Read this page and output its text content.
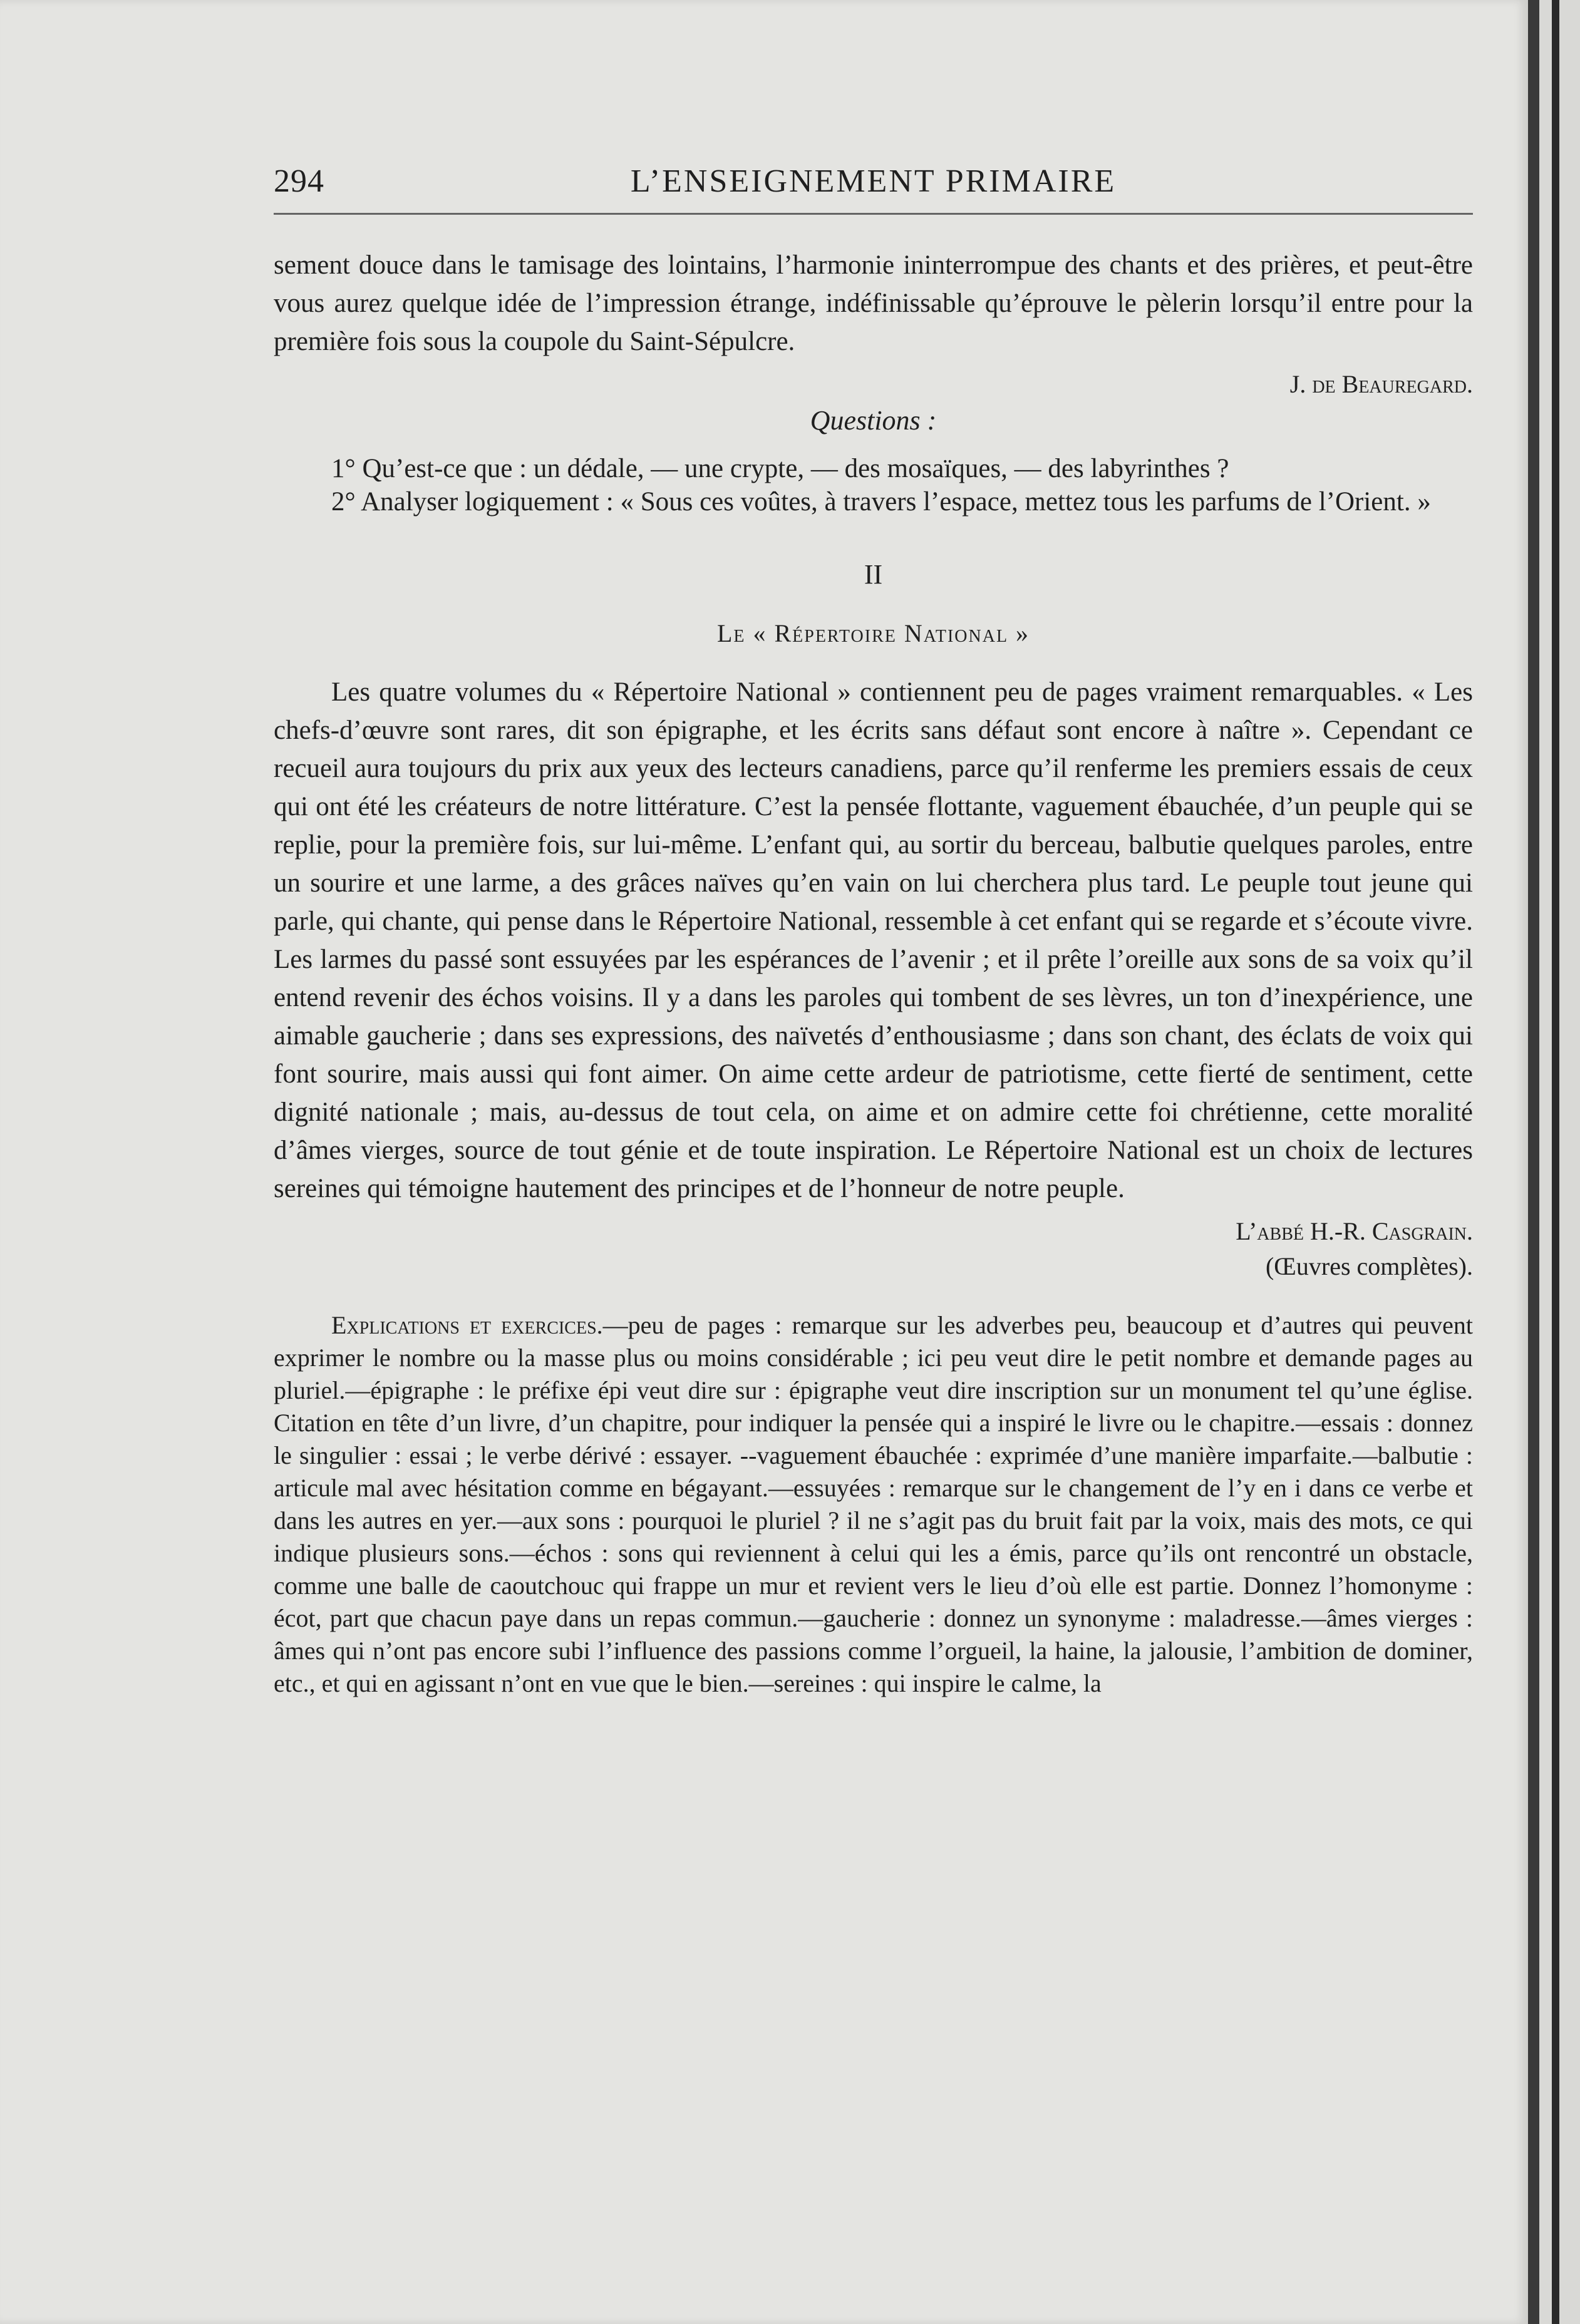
294	L’ENSEIGNEMENT PRIMAIRE

sement douce dans le tamisage des lointains, l’harmonie ininterrompue des chants et des prières, et peut-être vous aurez quelque idée de l’impression étrange, indéfinissable qu’éprouve le pèlerin lorsqu’il entre pour la première fois sous la coupole du Saint-Sépulcre.

J. de Beauregard.
Questions :

1° Qu’est-ce que : un dédale, — une crypte, — des mosaïques, — des labyrinthes ?

2° Analyser logiquement : « Sous ces voûtes, à travers l’espace, mettez tous les parfums de l’Orient. »

II
Le « Répertoire National »

Les quatre volumes du « Répertoire National » contiennent peu de pages vraiment remarquables. « Les chefs-d’œuvre sont rares, dit son épigraphe, et les écrits sans défaut sont encore à naître ». Cependant ce recueil aura toujours du prix aux yeux des lecteurs canadiens, parce qu’il renferme les premiers essais de ceux qui ont été les créateurs de notre littérature. C’est la pensée flottante, vaguement ébauchée, d’un peuple qui se replie, pour la première fois, sur lui-même. L’enfant qui, au sortir du berceau, balbutie quelques paroles, entre un sourire et une larme, a des grâces naïves qu’en vain on lui cherchera plus tard. Le peuple tout jeune qui parle, qui chante, qui pense dans le Répertoire National, ressemble à cet enfant qui se regarde et s’écoute vivre. Les larmes du passé sont essuyées par les espérances de l’avenir ; et il prête l’oreille aux sons de sa voix qu’il entend revenir des échos voisins. Il y a dans les paroles qui tombent de ses lèvres, un ton d’inexpérience, une aimable gaucherie ; dans ses expressions, des naïvetés d’enthousiasme ; dans son chant, des éclats de voix qui font sourire, mais aussi qui font aimer. On aime cette ardeur de patriotisme, cette fierté de sentiment, cette dignité nationale ; mais, au-dessus de tout cela, on aime et on admire cette foi chrétienne, cette moralité d’âmes vierges, source de tout génie et de toute inspiration. Le Répertoire National est un choix de lectures sereines qui témoigne hautement des principes et de l’honneur de notre peuple.

L’abbé H.-R. Casgrain.
(Œuvres complètes).

Explications et exercices.—peu de pages : remarque sur les adverbes peu, beaucoup et d’autres qui peuvent exprimer le nombre ou la masse plus ou moins considérable ; ici peu veut dire le petit nombre et demande pages au pluriel.—épigraphe : le préfixe épi veut dire sur : épigraphe veut dire inscription sur un monument tel qu’une église. Citation en tête d’un livre, d’un chapitre, pour indiquer la pensée qui a inspiré le livre ou le chapitre.—essais : donnez le singulier : essai ; le verbe dérivé : essayer. --vaguement ébauchée : exprimée d’une manière imparfaite.—balbutie : articule mal avec hésitation comme en bégayant.—essuyées : remarque sur le changement de l’y en i dans ce verbe et dans les autres en yer.—aux sons : pourquoi le pluriel ? il ne s’agit pas du bruit fait par la voix, mais des mots, ce qui indique plusieurs sons.—échos : sons qui reviennent à celui qui les a émis, parce qu’ils ont rencontré un obstacle, comme une balle de caoutchouc qui frappe un mur et revient vers le lieu d’où elle est partie. Donnez l’homonyme : écot, part que chacun paye dans un repas commun.—gaucherie : donnez un synonyme : maladresse.—âmes vierges : âmes qui n’ont pas encore subi l’influence des passions comme l’orgueil, la haine, la jalousie, l’ambition de dominer, etc., et qui en agissant n’ont en vue que le bien.—sereines : qui inspire le calme, la
